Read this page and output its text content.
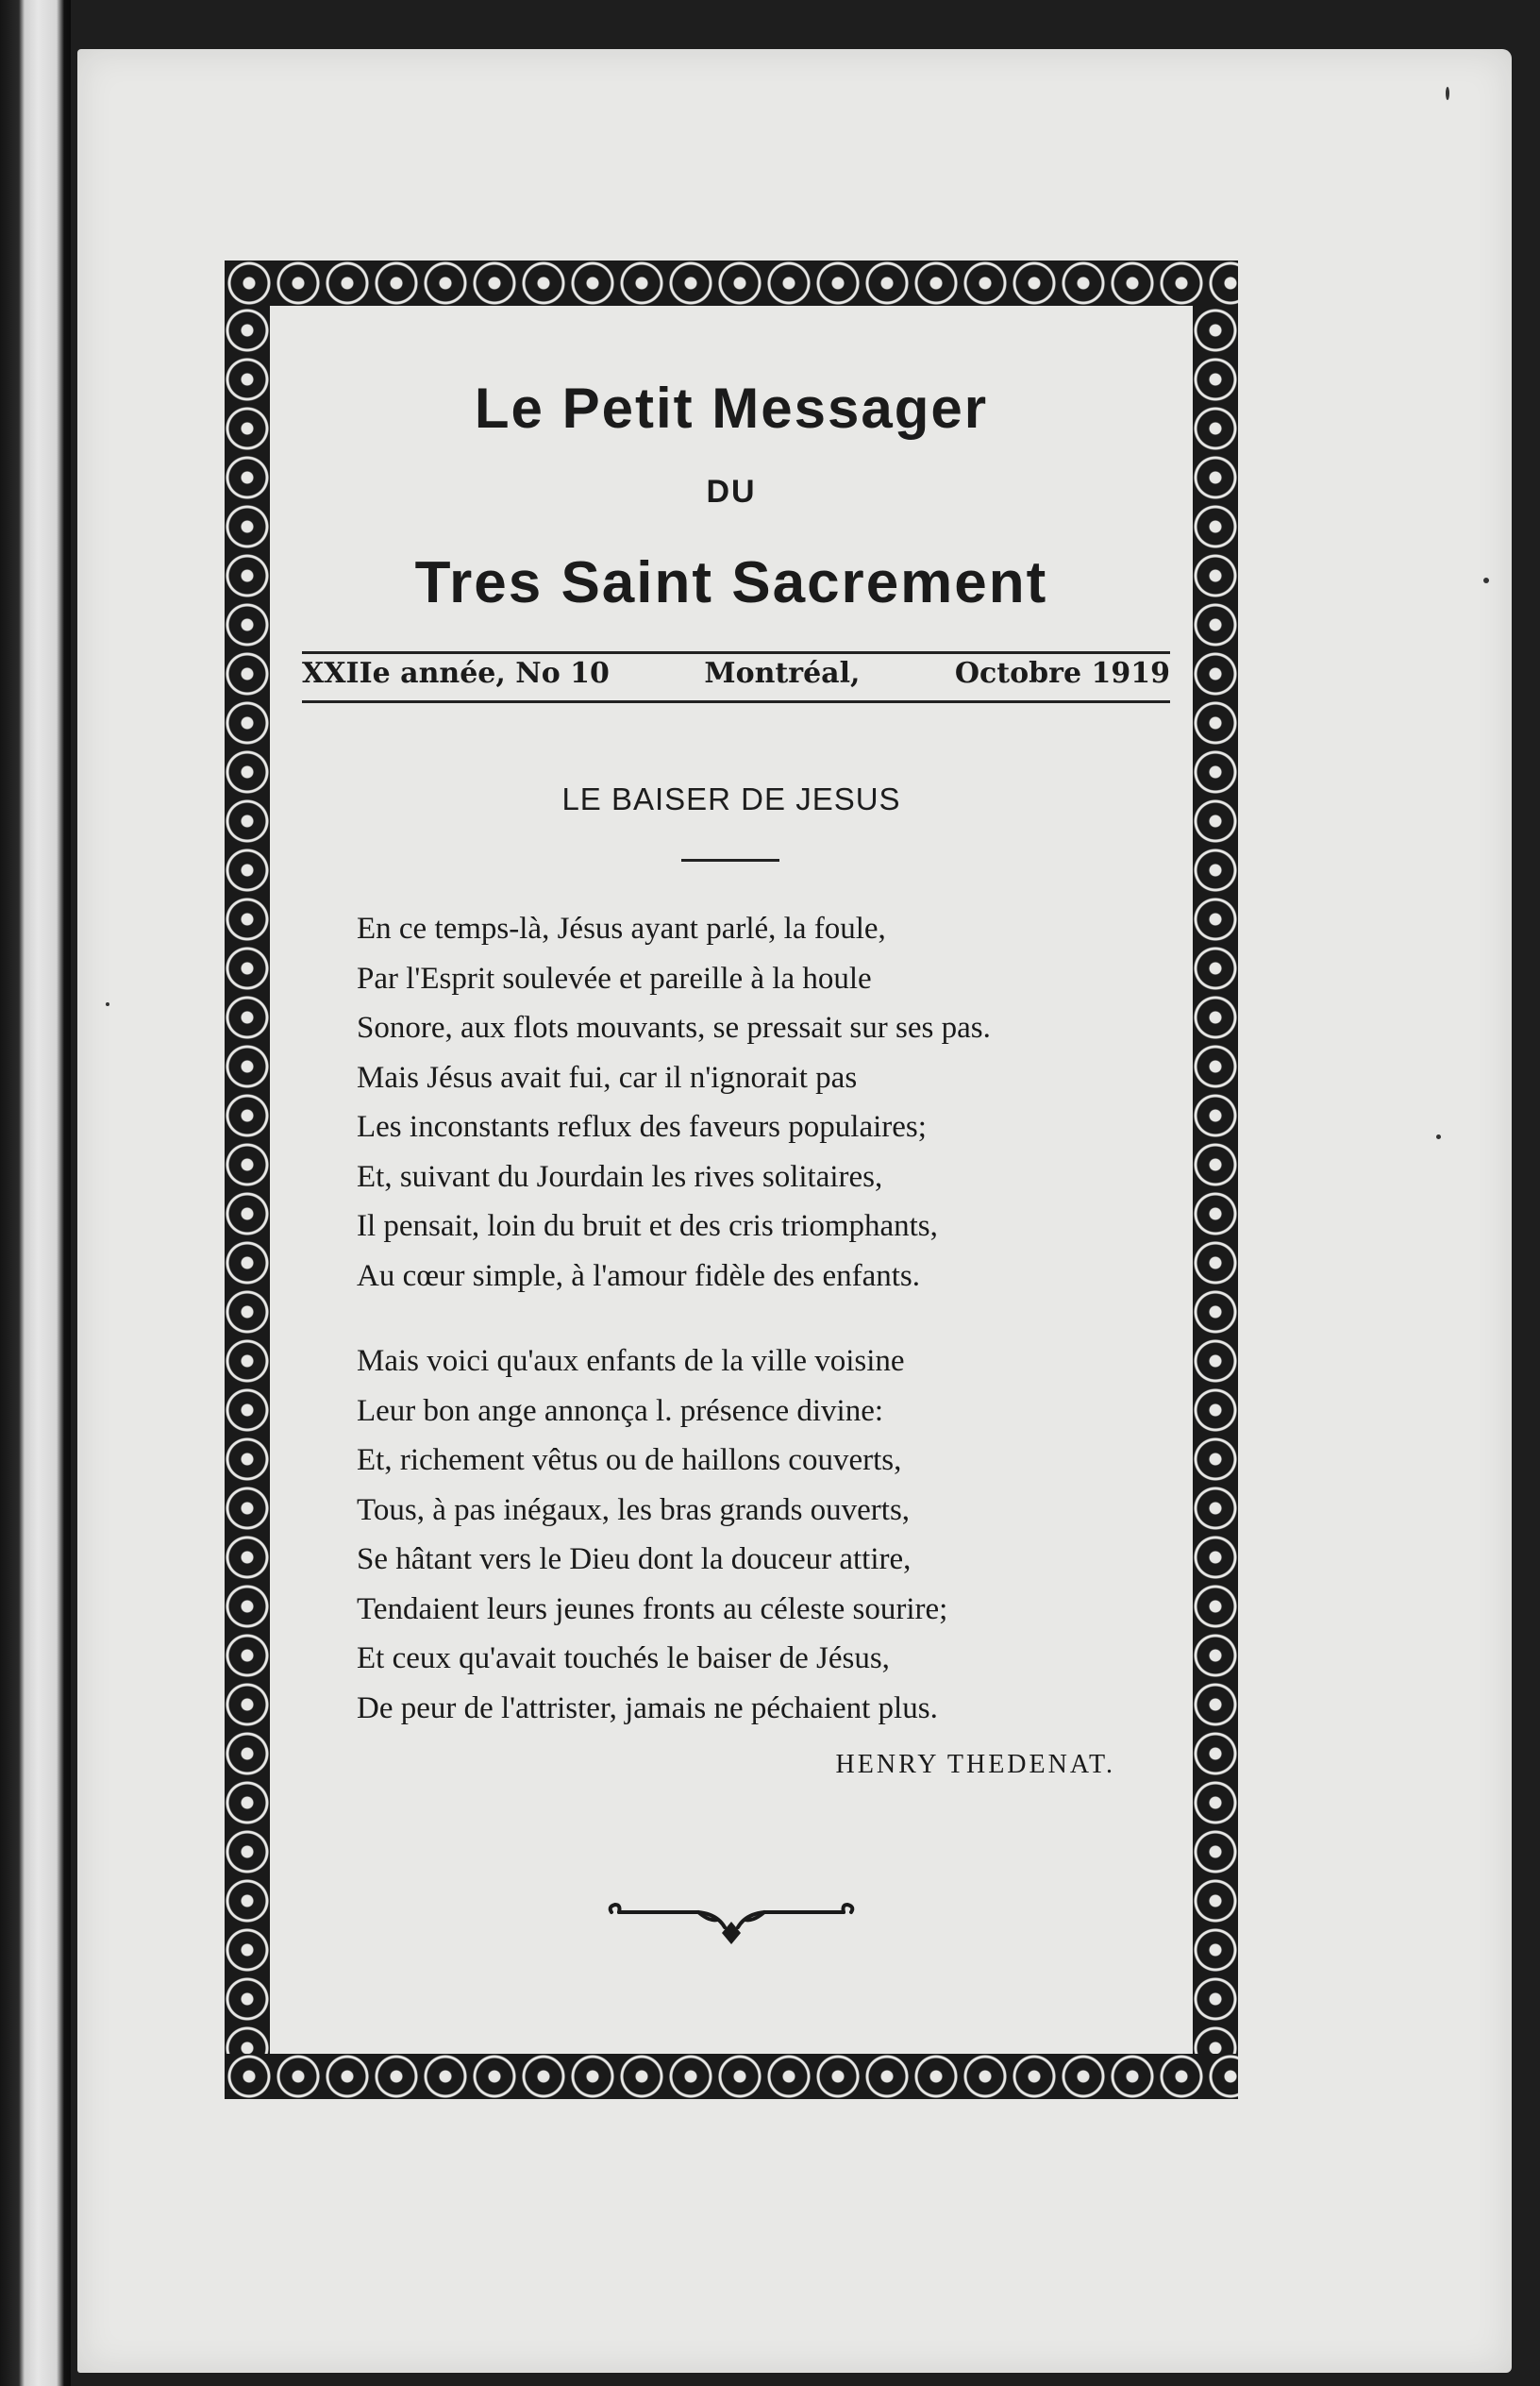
Le Petit Messager
DU
Tres Saint Sacrement
XXIIe année, No 10	Montréal,	Octobre 1919
LE BAISER DE JESUS
En ce temps-là, Jésus ayant parlé, la foule,
Par l'Esprit soulevée et pareille à la houle
Sonore, aux flots mouvants, se pressait sur ses pas.
Mais Jésus avait fui, car il n'ignorait pas
Les inconstants reflux des faveurs populaires;
Et, suivant du Jourdain les rives solitaires,
Il pensait, loin du bruit et des cris triomphants,
Au cœur simple, à l'amour fidèle des enfants.
Mais voici qu'aux enfants de la ville voisine
Leur bon ange annonça l. présence divine:
Et, richement vêtus ou de haillons couverts,
Tous, à pas inégaux, les bras grands ouverts,
Se hâtant vers le Dieu dont la douceur attire,
Tendaient leurs jeunes fronts au céleste sourire;
Et ceux qu'avait touchés le baiser de Jésus,
De peur de l'attrister, jamais ne péchaient plus.
HENRY THEDENAT.
